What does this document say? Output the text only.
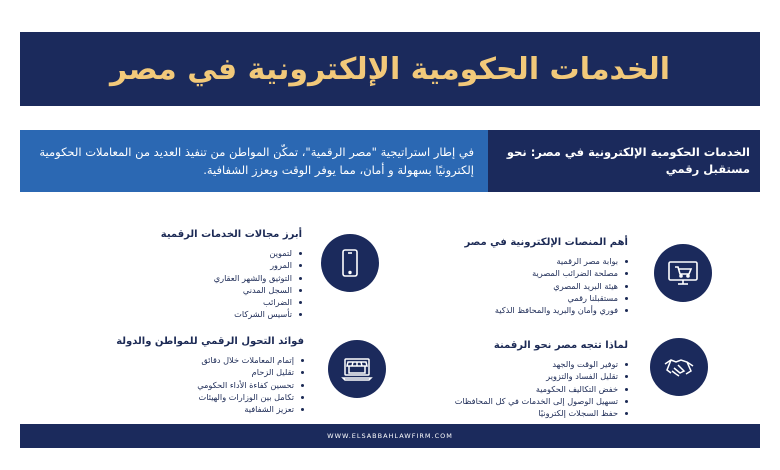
الخدمات الحكومية الإلكترونية في مصر
الخدمات الحكومية الإلكترونية في مصر: نحو مستقبل رقمي
في إطار استراتيجية "مصر الرقمية"، تمكّن المواطن من تنفيذ العديد من المعاملات الحكومية إلكترونيًا بسهولة و أمان، مما يوفر الوقت ويعزز الشفافية.
أهم المنصات الإلكترونية في مصر
بوابة مصر الرقمية
مصلحة الضرائب المصرية
هيئة البريد المصري
مستقبلنا رقمي
فوري وأمان والبريد والمحافظ الذكية
أبرز مجالات الخدمات الرقمية
لتموين
المرور
التوثيق والشهر العقاري
السجل المدني
الضرائب
تأسيس الشركات
لماذا تتجه مصر نحو الرقمنة
توفير الوقت والجهد
تقليل الفساد والتزوير
خفض التكاليف الحكومية
تسهيل الوصول إلى الخدمات في كل المحافظات
حفظ السجلات إلكترونيًا
فوائد التحول الرقمي للمواطن والدولة
إتمام المعاملات خلال دقائق
تقليل الزحام
تحسين كفاءة الأداء الحكومي
تكامل بين الوزارات والهيئات
تعزيز الشفافية
WWW.ELSABBAHLAWFIRM.COM
